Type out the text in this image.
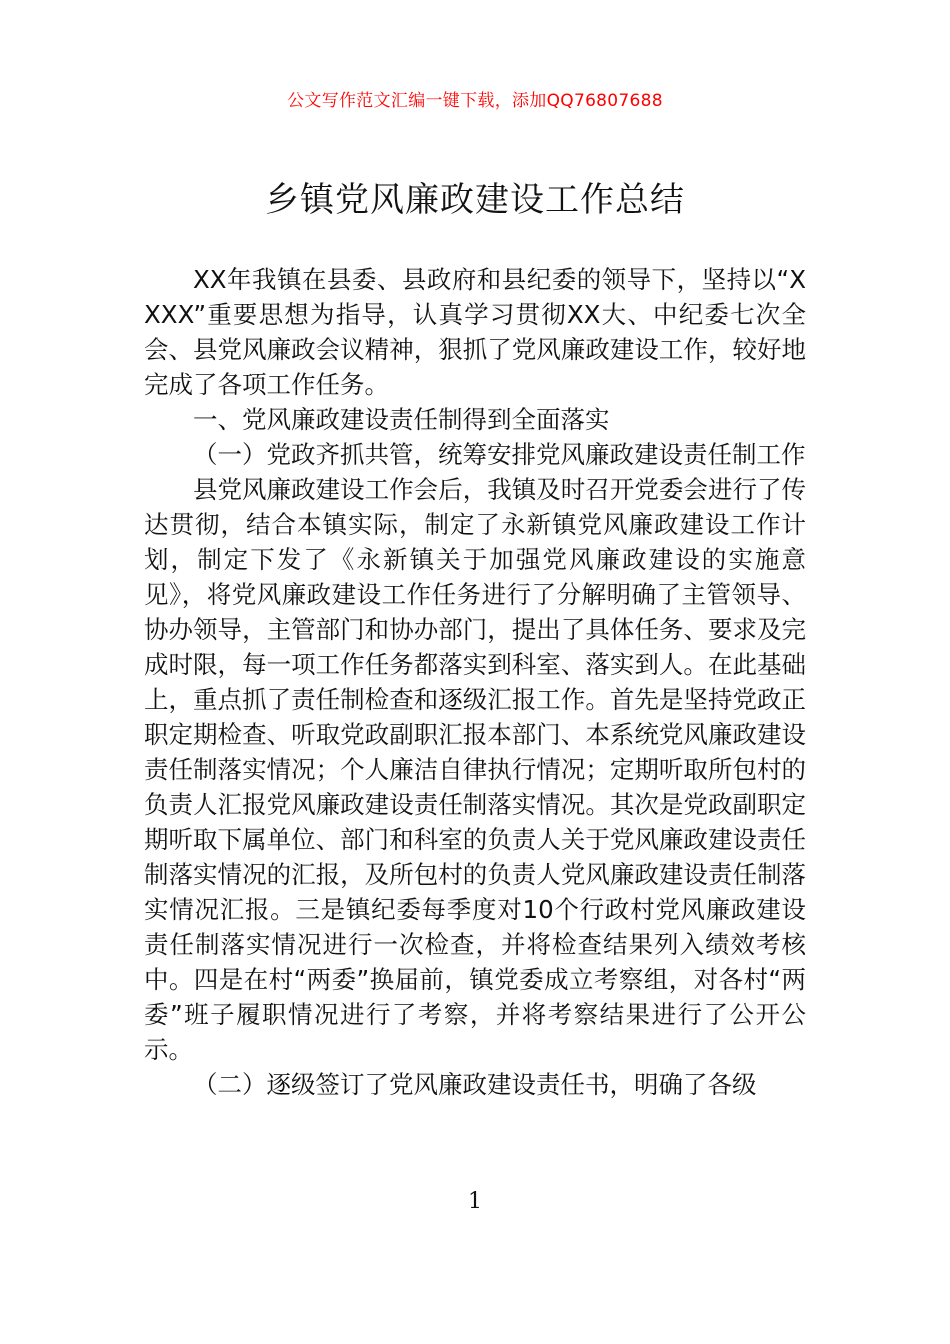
公文写作范文汇编一键下载，添加QQ76807688
乡镇党风廉政建设工作总结

XX年我镇在县委、县政府和县纪委的领导下，坚持以“XXXX”重要思想为指导，认真学习贯彻XX大、中纪委七次全会、县党风廉政会议精神，狠抓了党风廉政建设工作，较好地完成了各项工作任务。

一、党风廉政建设责任制得到全面落实

（一）党政齐抓共管，统筹安排党风廉政建设责任制工作

县党风廉政建设工作会后，我镇及时召开党委会进行了传达贯彻，结合本镇实际，制定了永新镇党风廉政建设工作计划，制定下发了《永新镇关于加强党风廉政建设的实施意见》，将党风廉政建设工作任务进行了分解明确了主管领导、协办领导，主管部门和协办部门，提出了具体任务、要求及完成时限，每一项工作任务都落实到科室、落实到人。在此基础上，重点抓了责任制检查和逐级汇报工作。首先是坚持党政正职定期检查、听取党政副职汇报本部门、本系统党风廉政建设责任制落实情况；个人廉洁自律执行情况；定期听取所包村的负责人汇报党风廉政建设责任制落实情况。其次是党政副职定期听取下属单位、部门和科室的负责人关于党风廉政建设责任制落实情况的汇报，及所包村的负责人党风廉政建设责任制落实情况汇报。三是镇纪委每季度对10个行政村党风廉政建设责任制落实情况进行一次检查，并将检查结果列入绩效考核中。四是在村“两委”换届前，镇党委成立考察组，对各村“两委”班子履职情况进行了考察，并将考察结果进行了公开公示。

（二）逐级签订了党风廉政建设责任书，明确了各级

1
